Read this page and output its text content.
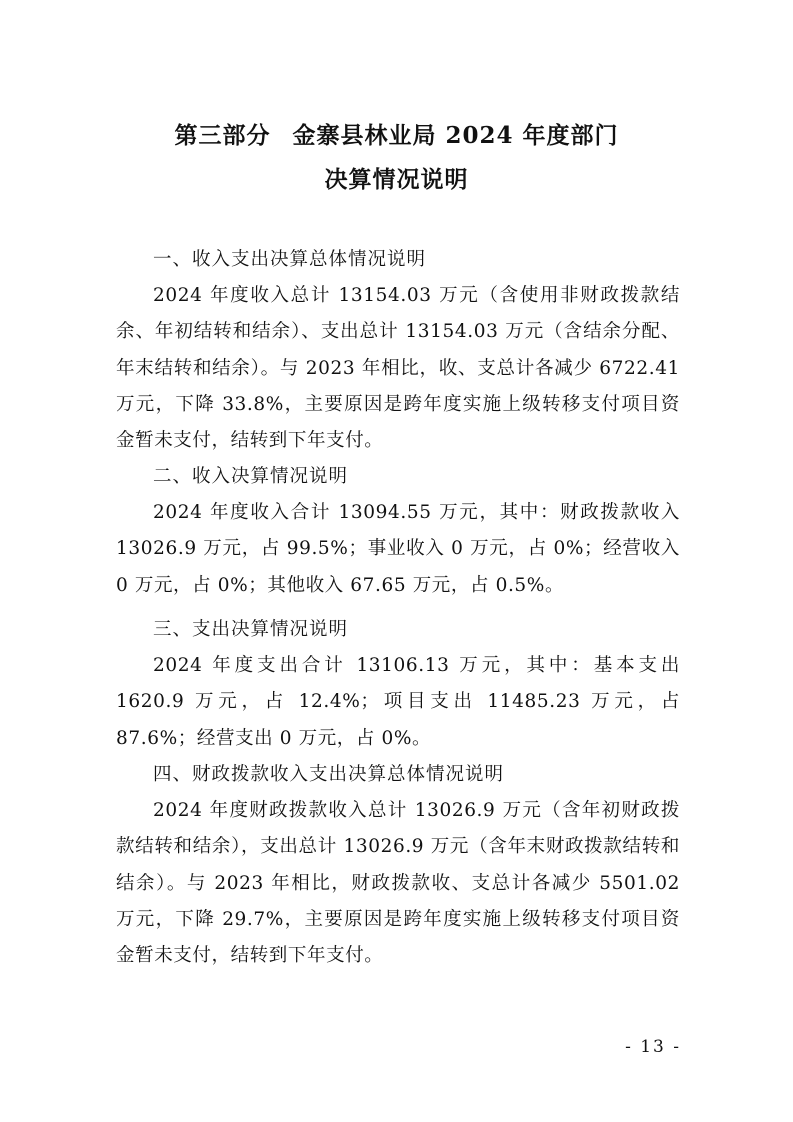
第三部分 金寨县林业局 2024 年度部门
决算情况说明
一、收入支出决算总体情况说明
2024 年度收入总计 13154.03 万元（含使用非财政拨款结余、年初结转和结余）、支出总计 13154.03 万元（含结余分配、年末结转和结余）。与 2023 年相比，收、支总计各减少 6722.41 万元，下降 33.8%，主要原因是跨年度实施上级转移支付项目资金暂未支付，结转到下年支付。
二、收入决算情况说明
2024 年度收入合计 13094.55 万元，其中：财政拨款收入 13026.9 万元，占 99.5%；事业收入 0 万元，占 0%；经营收入 0 万元，占 0%；其他收入 67.65 万元，占 0.5%。
三、支出决算情况说明
2024 年度支出合计 13106.13 万元，其中：基本支出 1620.9 万元，占 12.4%；项目支出 11485.23 万元，占 87.6%；经营支出 0 万元，占 0%。
四、财政拨款收入支出决算总体情况说明
2024 年度财政拨款收入总计 13026.9 万元（含年初财政拨款结转和结余），支出总计 13026.9 万元（含年末财政拨款结转和结余）。与 2023 年相比，财政拨款收、支总计各减少 5501.02 万元，下降 29.7%，主要原因是跨年度实施上级转移支付项目资金暂未支付，结转到下年支付。
- 13 -
